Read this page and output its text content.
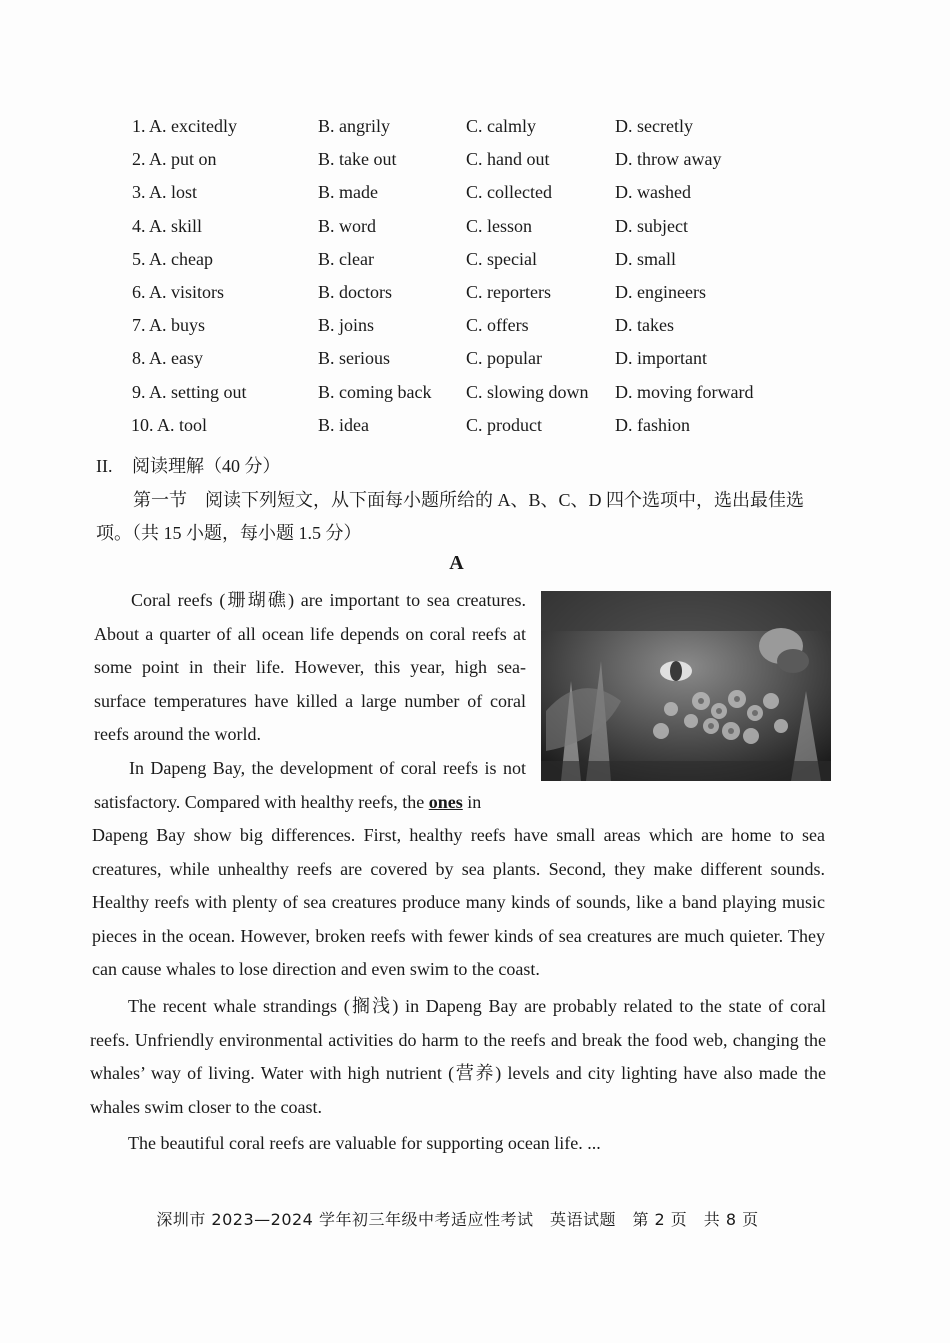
1. A. excitedly	B. angrily	C. calmly	D. secretly
2. A. put on	B. take out	C. hand out	D. throw away
3. A. lost	B. made	C. collected	D. washed
4. A. skill	B. word	C. lesson	D. subject
5. A. cheap	B. clear	C. special	D. small
6. A. visitors	B. doctors	C. reporters	D. engineers
7. A. buys	B. joins	C. offers	D. takes
8. A. easy	B. serious	C. popular	D. important
9. A. setting out	B. coming back C. slowing down D. moving forward
10. A. tool	B. idea	C. product	D. fashion
II. 阅读理解（40 分）
第一节　阅读下列短文，从下面每小题所给的 A、B、C、D 四个选项中，选出最佳选项。（共 15 小题，每小题 1.5 分）
A
Coral reefs (珊瑚礁) are important to sea creatures. About a quarter of all ocean life depends on coral reefs at some point in their life. However, this year, high sea-surface temperatures have killed a large number of coral reefs around the world.
In Dapeng Bay, the development of coral reefs is not satisfactory. Compared with healthy reefs, the ones in
Dapeng Bay show big differences. First, healthy reefs have small areas which are home to sea creatures, while unhealthy reefs are covered by sea plants. Second, they make different sounds. Healthy reefs with plenty of sea creatures produce many kinds of sounds, like a band playing music pieces in the ocean. However, broken reefs with fewer kinds of sea creatures are much quieter. They can cause whales to lose direction and even swim to the coast.
The recent whale strandings (搁浅) in Dapeng Bay are probably related to the state of coral reefs. Unfriendly environmental activities do harm to the reefs and break the food web, changing the whales’ way of living. Water with high nutrient (营养) levels and city lighting have also made the whales swim closer to the coast.
The beautiful coral reefs are valuable for supporting ocean life. ...
深圳市 2023—2024 学年初三年级中考适应性考试　英语试题　第 2 页　共 8 页
